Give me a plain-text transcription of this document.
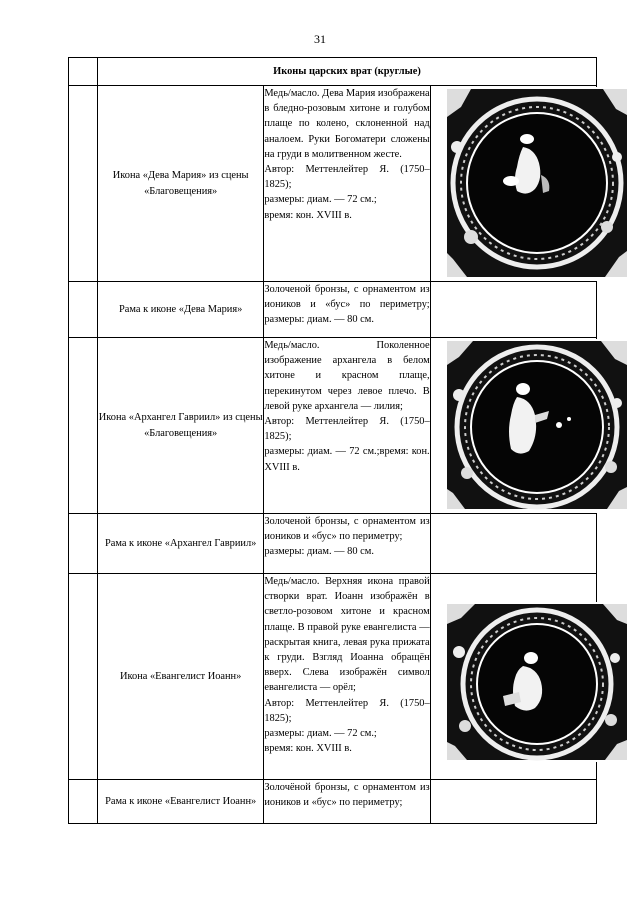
31
	Иконы царских врат (круглые)		
	Икона «Дева Мария» из сцены «Благовещения»	Медь/масло. Дева Мария изображена в бледно-розовым хитоне и голубом плаще по колено, склоненной над аналоем. Руки Богоматери сложены на груди в молитвенном жесте.
Автор: Меттенлейтер Я. (1750–1825);
размеры: диам. — 72 см.;
время: кон. XVIII в.

	Рама к иконе «Дева Мария»	Золоченой бронзы, с орнаментом из иоников и «бус» по периметру; размеры: диам. — 80 см.	

	Икона «Архангел Гавриил» из сцены «Благовещения»	Медь/масло. Поколенное изображение архангела в белом хитоне и красном плаще, перекинутом через левое плечо. В левой руке архангела — лилия;
Автор: Меттенлейтер Я. (1750–1825);
размеры: диам. — 72 см.;время: кон. XVIII в.

	Рама к иконе «Архангел Гавриил»	Золоченой бронзы, с орнаментом из иоников и «бус» по периметру;
размеры: диам. — 80 см.	

	Икона «Евангелист Иоанн»	Медь/масло. Верхняя икона правой створки врат. Иоанн изображён в светло-розовом хитоне и красном плаще. В правой руке евангелиста — раскрытая книга, левая рука прижата к груди. Взгляд Иоанна обращён вверх. Слева изображён символ евангелиста — орёл;
Автор: Меттенлейтер Я. (1750–1825);
размеры: диам. — 72 см.;
время: кон. XVIII в.

	Рама к иконе «Евангелист Иоанн»	Золочёной бронзы, с орнаментом из иоников и «бус» по периметру;	
